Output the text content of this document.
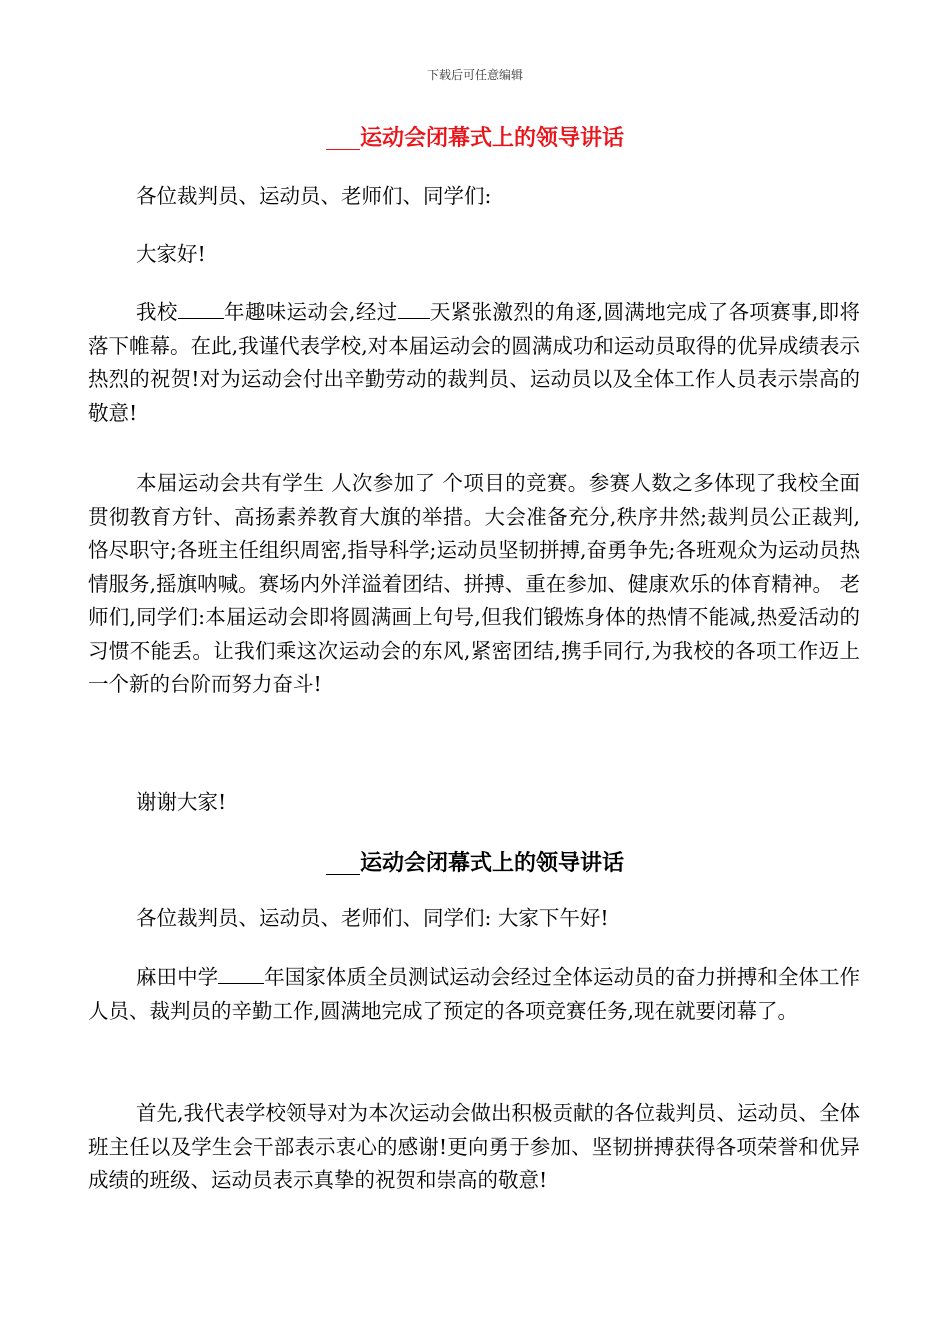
下载后可任意编辑
运动会闭幕式上的领导讲话
各位裁判员、运动员、老师们、同学们:
大家好!
我校 年趣味运动会,经过 天紧张激烈的角逐,圆满地完成了各项赛事,即将落下帷幕。在此,我谨代表学校,对本届运动会的圆满成功和运动员取得的优异成绩表示热烈的祝贺!对为运动会付出辛勤劳动的裁判员、运动员以及全体工作人员表示崇高的敬意!
本届运动会共有学生 人次参加了 个项目的竞赛。参赛人数之多体现了我校全面贯彻教育方针、高扬素养教育大旗的举措。大会准备充分,秩序井然;裁判员公正裁判,恪尽职守;各班主任组织周密,指导科学;运动员坚韧拼搏,奋勇争先;各班观众为运动员热情服务,摇旗呐喊。赛场内外洋溢着团结、拼搏、重在参加、健康欢乐的体育精神。 老师们,同学们:本届运动会即将圆满画上句号,但我们锻炼身体的热情不能减,热爱活动的习惯不能丢。让我们乘这次运动会的东风,紧密团结,携手同行,为我校的各项工作迈上一个新的台阶而努力奋斗!
谢谢大家!
运动会闭幕式上的领导讲话
各位裁判员、运动员、老师们、同学们: 大家下午好!
麻田中学 年国家体质全员测试运动会经过全体运动员的奋力拼搏和全体工作人员、裁判员的辛勤工作,圆满地完成了预定的各项竞赛任务,现在就要闭幕了。
首先,我代表学校领导对为本次运动会做出积极贡献的各位裁判员、运动员、全体班主任以及学生会干部表示衷心的感谢!更向勇于参加、坚韧拼搏获得各项荣誉和优异成绩的班级、运动员表示真挚的祝贺和崇高的敬意!
